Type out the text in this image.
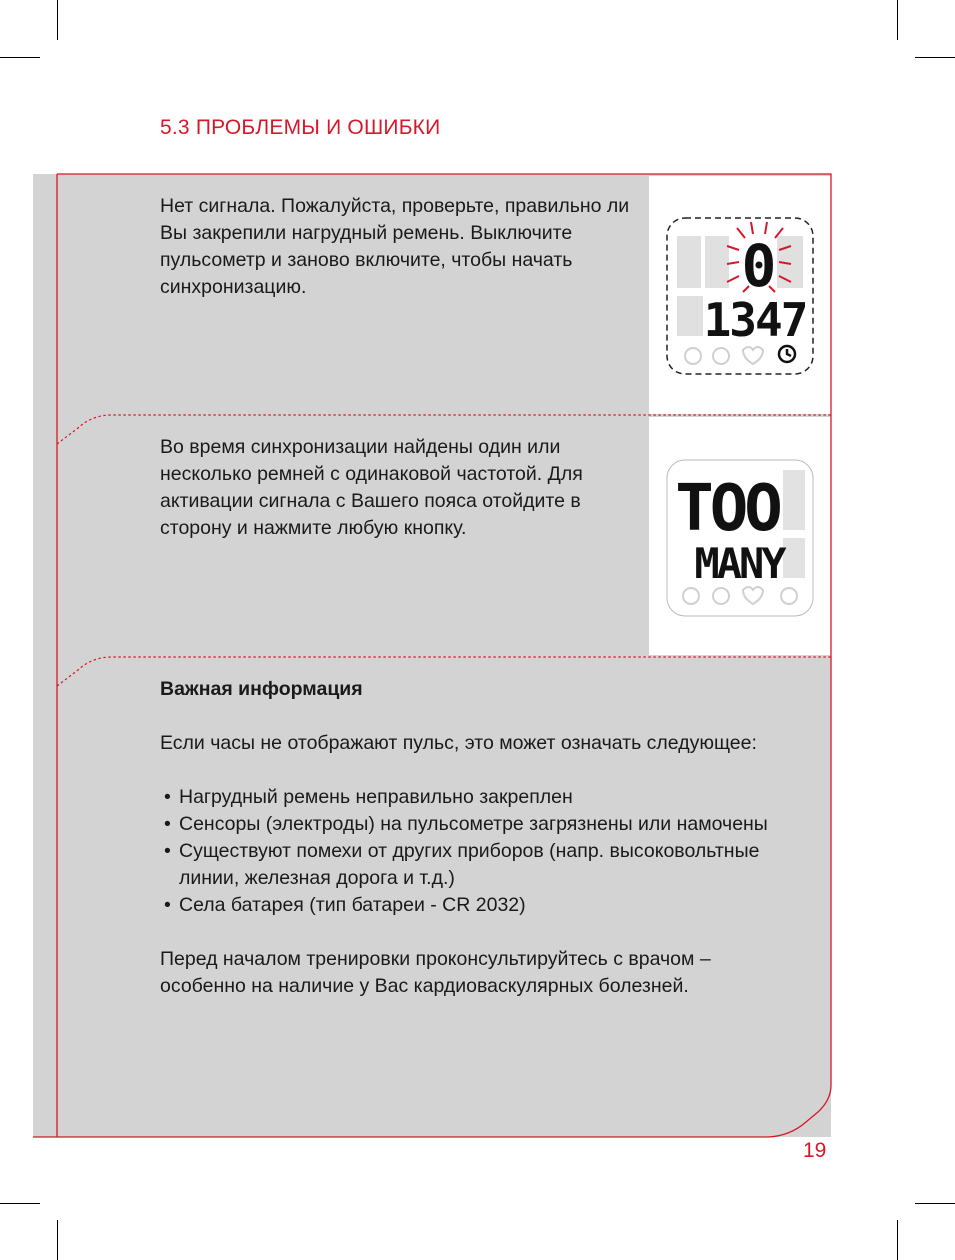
5.3 ПРОБЛЕМЫ И ОШИБКИ

Нет сигнала. Пожалуйста, проверьте, правильно ли Вы закрепили нагрудный ремень. Выключите пульсометр и заново включите, чтобы начать синхронизацию.

Во время синхронизации найдены один или несколько ремней с одинаковой частотой. Для активации сигнала с Вашего пояса отойдите в сторону и нажмите любую кнопку.

0
1347
TOO
MANY

Важная информация

Если часы не отображают пульс, это может означать следующее:

• Нагрудный ремень неправильно закреплен
• Сенсоры (электроды) на пульсометре загрязнены или намочены
• Существуют помехи от других приборов (напр. высоковольтные линии, железная дорога и т.д.)
• Села батарея (тип батареи - CR 2032)

Перед началом тренировки проконсультируйтесь с врачом – особенно на наличие у Вас кардиоваскулярных болезней.

19
